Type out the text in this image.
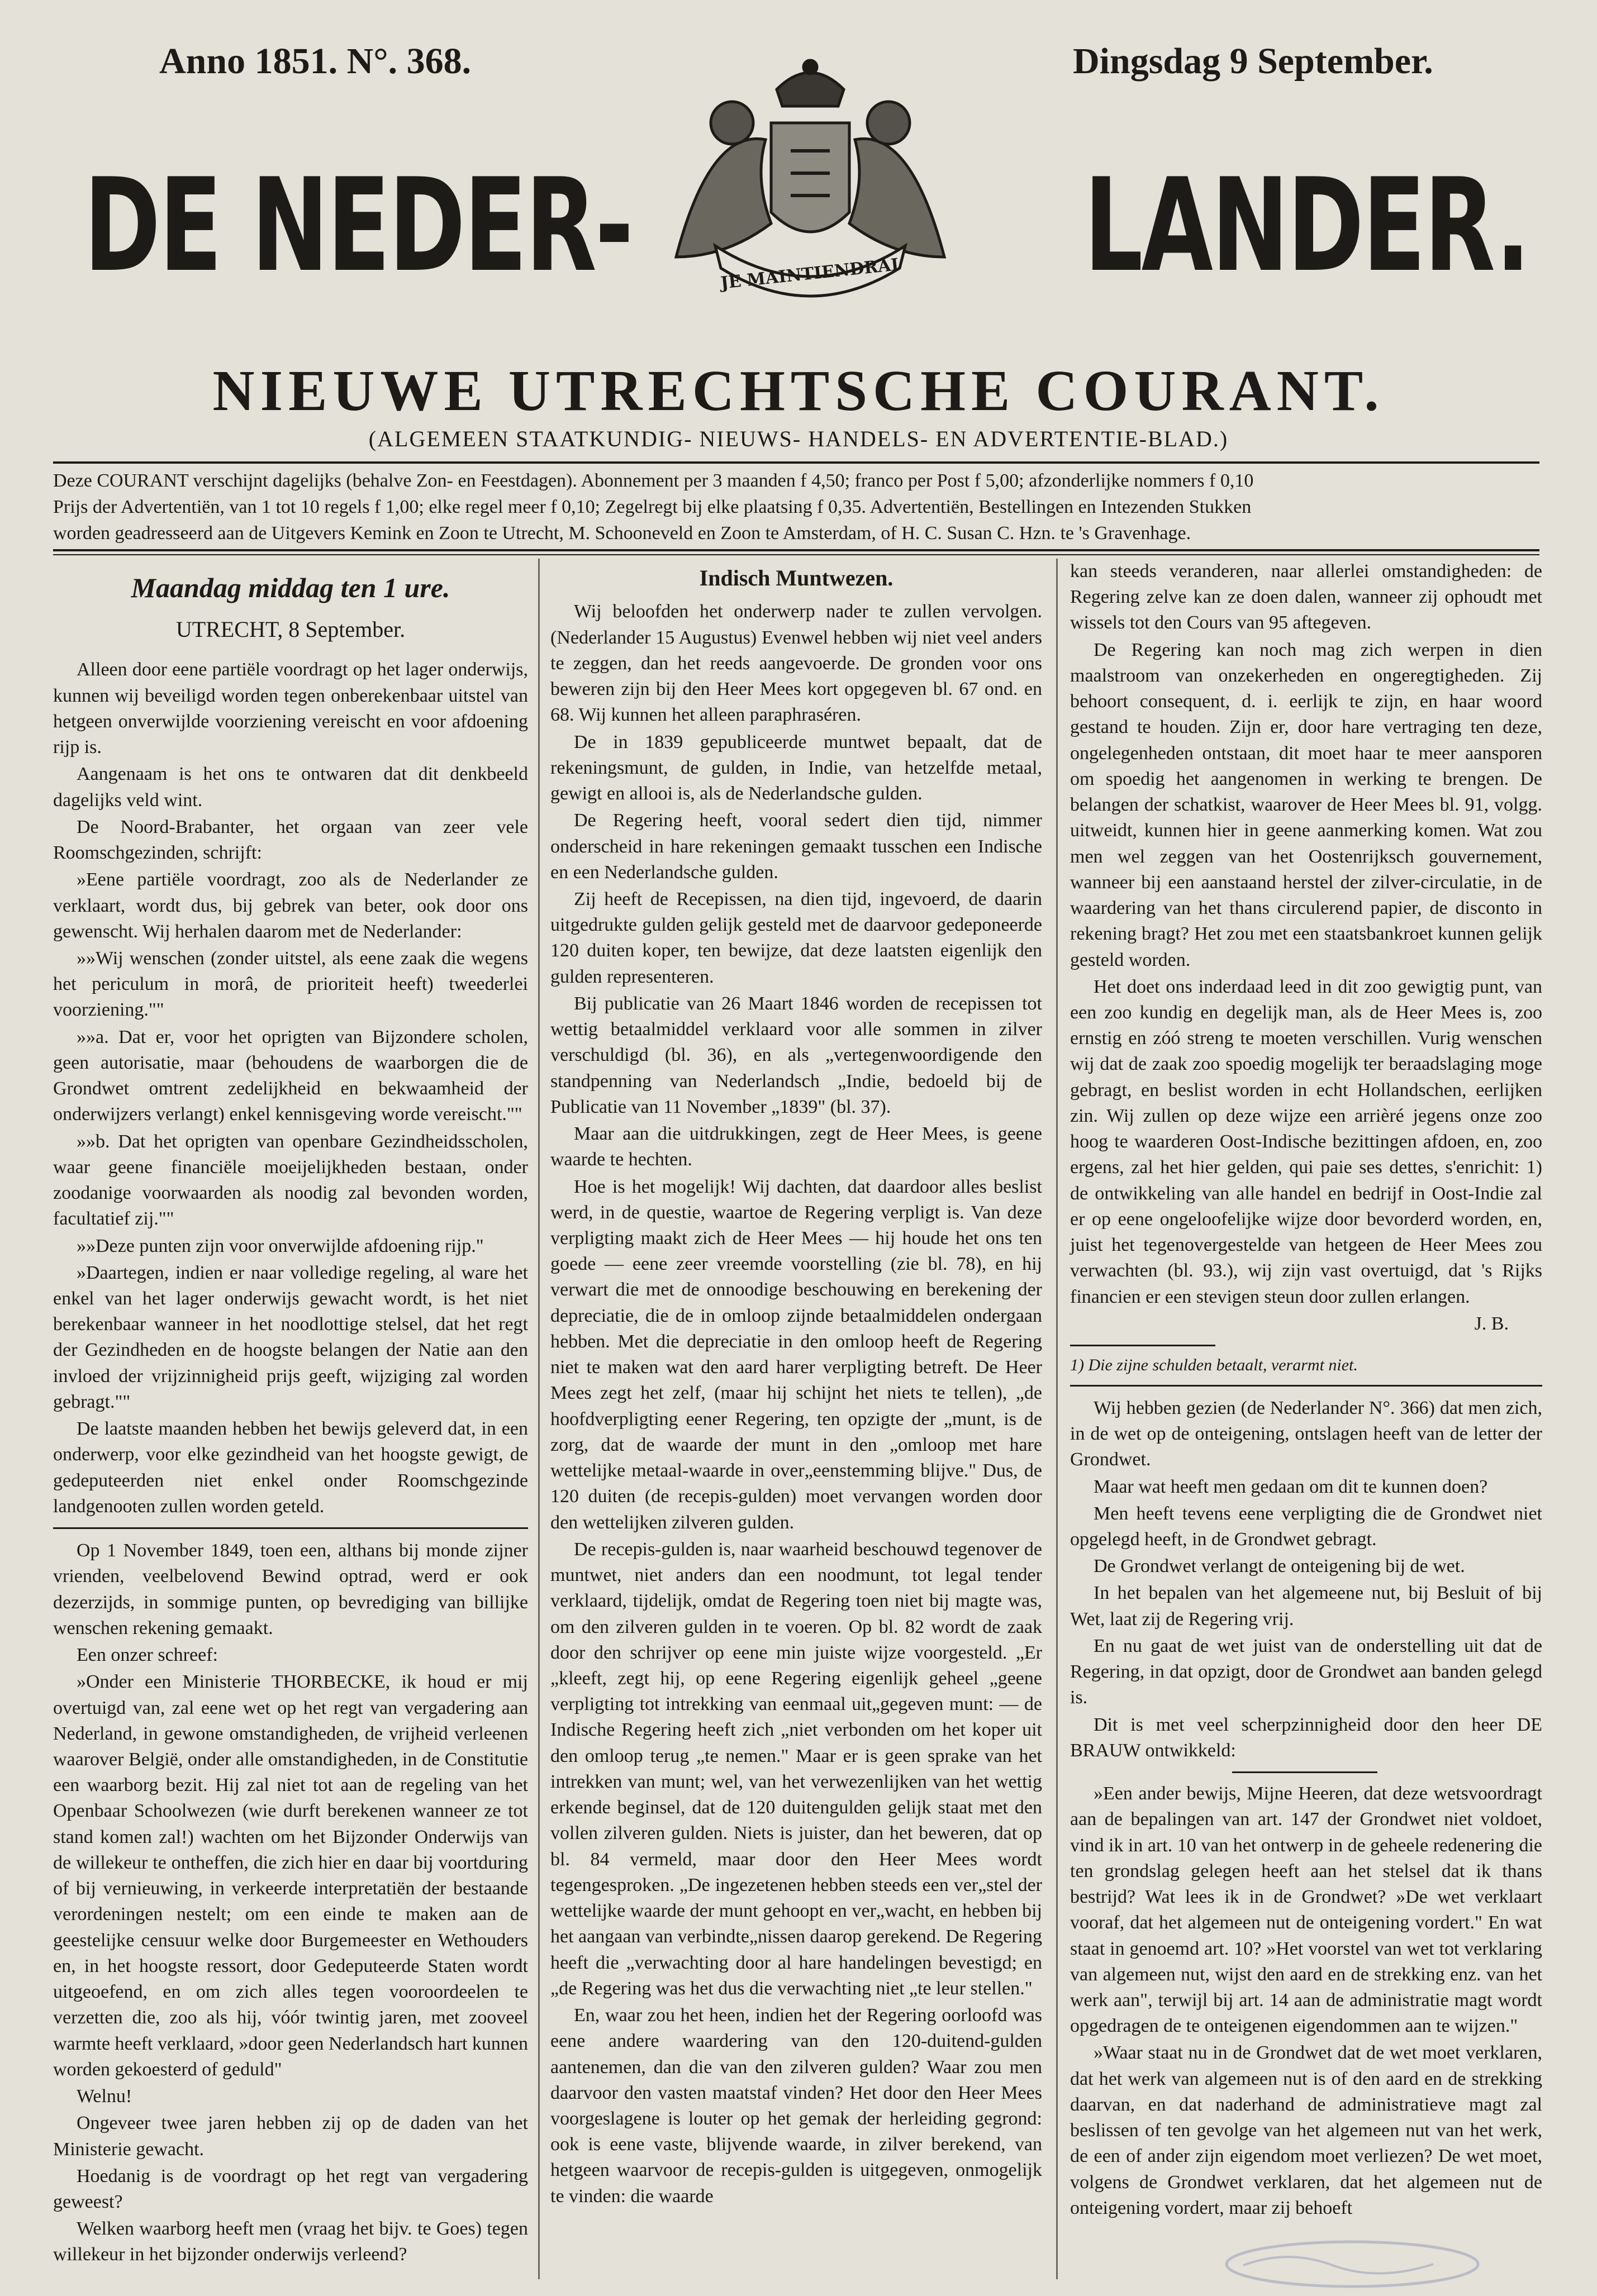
Anno 1851. N°. 368.	Dingsdag 9 September.
DE NEDER-	LANDER.
JE MAINTIENDRAI
NIEUWE UTRECHTSCHE COURANT.
(ALGEMEEN STAATKUNDIG- NIEUWS- HANDELS- EN ADVERTENTIE-BLAD.)

Deze COURANT verschijnt dagelijks (behalve Zon- en Feestdagen). Abonnement per 3 maanden f 4,50; franco per Post f 5,00; afzonderlijke nommers f 0,10

Prijs der Advertentiën, van 1 tot 10 regels f 1,00; elke regel meer f 0,10; Zegelregt bij elke plaatsing f 0,35. Advertentiën, Bestellingen en Intezenden Stukken

worden geadresseerd aan de Uitgevers Kemink en Zoon te Utrecht, M. Schooneveld en Zoon te Amsterdam, of H. C. Susan C. Hzn. te 's Gravenhage.

Maandag middag ten 1 ure.
UTRECHT, 8 September.

Alleen door eene partiële voordragt op het lager onderwijs, kunnen wij beveiligd worden tegen onberekenbaar uitstel van hetgeen onverwijlde voorziening vereischt en voor afdoening rijp is.

Aangenaam is het ons te ontwaren dat dit denkbeeld dagelijks veld wint.

De Noord-Brabanter, het orgaan van zeer vele Roomschgezinden, schrijft:

»Eene partiële voordragt, zoo als de Nederlander ze verklaart, wordt dus, bij gebrek van beter, ook door ons gewenscht. Wij herhalen daarom met de Nederlander:

»»Wij wenschen (zonder uitstel, als eene zaak die wegens het periculum in morâ, de prioriteit heeft) tweederlei voorziening.""

»»a. Dat er, voor het oprigten van Bijzondere scholen, geen autorisatie, maar (behoudens de waarborgen die de Grondwet omtrent zedelijkheid en bekwaamheid der onderwijzers verlangt) enkel kennisgeving worde vereischt.""

»»b. Dat het oprigten van openbare Gezindheidsscholen, waar geene financiële moeijelijkheden bestaan, onder zoodanige voorwaarden als noodig zal bevonden worden, facultatief zij.""

»»Deze punten zijn voor onverwijlde afdoening rijp."

»Daartegen, indien er naar volledige regeling, al ware het enkel van het lager onderwijs gewacht wordt, is het niet berekenbaar wanneer in het noodlottige stelsel, dat het regt der Gezindheden en de hoogste belangen der Natie aan den invloed der vrijzinnigheid prijs geeft, wijziging zal worden gebragt.""

De laatste maanden hebben het bewijs geleverd dat, in een onderwerp, voor elke gezindheid van het hoogste gewigt, de gedeputeerden niet enkel onder Roomschgezinde landgenooten zullen worden geteld.

Op 1 November 1849, toen een, althans bij monde zijner vrienden, veelbelovend Bewind optrad, werd er ook dezerzijds, in sommige punten, op bevrediging van billijke wenschen rekening gemaakt.

Een onzer schreef:

»Onder een Ministerie THORBECKE, ik houd er mij overtuigd van, zal eene wet op het regt van vergadering aan Nederland, in gewone omstandigheden, de vrijheid verleenen waarover België, onder alle omstandigheden, in de Constitutie een waarborg bezit. Hij zal niet tot aan de regeling van het Openbaar Schoolwezen (wie durft berekenen wanneer ze tot stand komen zal!) wachten om het Bijzonder Onderwijs van de willekeur te ontheffen, die zich hier en daar bij voortduring of bij vernieuwing, in verkeerde interpretatiën der bestaande verordeningen nestelt; om een einde te maken aan de geestelijke censuur welke door Burgemeester en Wethouders en, in het hoogste ressort, door Gedeputeerde Staten wordt uitgeoefend, en om zich alles tegen vooroordeelen te verzetten die, zoo als hij, vóór twintig jaren, met zooveel warmte heeft verklaard, »door geen Nederlandsch hart kunnen worden gekoesterd of geduld"

Welnu!

Ongeveer twee jaren hebben zij op de daden van het Ministerie gewacht.

Hoedanig is de voordragt op het regt van vergadering geweest?

Welken waarborg heeft men (vraag het bijv. te Goes) tegen willekeur in het bijzonder onderwijs verleend?

Indisch Muntwezen.

Wij beloofden het onderwerp nader te zullen vervolgen. (Nederlander 15 Augustus) Evenwel hebben wij niet veel anders te zeggen, dan het reeds aangevoerde. De gronden voor ons beweren zijn bij den Heer Mees kort opgegeven bl. 67 ond. en 68. Wij kunnen het alleen paraphraséren.

De in 1839 gepubliceerde muntwet bepaalt, dat de rekeningsmunt, de gulden, in Indie, van hetzelfde metaal, gewigt en allooi is, als de Nederlandsche gulden.

De Regering heeft, vooral sedert dien tijd, nimmer onderscheid in hare rekeningen gemaakt tusschen een Indische en een Nederlandsche gulden.

Zij heeft de Recepissen, na dien tijd, ingevoerd, de daarin uitgedrukte gulden gelijk gesteld met de daarvoor gedeponeerde 120 duiten koper, ten bewijze, dat deze laatsten eigenlijk den gulden representeren.

Bij publicatie van 26 Maart 1846 worden de recepissen tot wettig betaalmiddel verklaard voor alle sommen in zilver verschuldigd (bl. 36), en als „vertegenwoordigende den standpenning van Nederlandsch „Indie, bedoeld bij de Publicatie van 11 November „1839" (bl. 37).

Maar aan die uitdrukkingen, zegt de Heer Mees, is geene waarde te hechten.

Hoe is het mogelijk! Wij dachten, dat daardoor alles beslist werd, in de questie, waartoe de Regering verpligt is. Van deze verpligting maakt zich de Heer Mees — hij houde het ons ten goede — eene zeer vreemde voorstelling (zie bl. 78), en hij verwart die met de onnoodige beschouwing en berekening der depreciatie, die de in omloop zijnde betaalmiddelen ondergaan hebben. Met die depreciatie in den omloop heeft de Regering niet te maken wat den aard harer verpligting betreft. De Heer Mees zegt het zelf, (maar hij schijnt het niets te tellen), „de hoofdverpligting eener Regering, ten opzigte der „munt, is de zorg, dat de waarde der munt in den „omloop met hare wettelijke metaal-waarde in over„eenstemming blijve." Dus, de 120 duiten (de recepis-gulden) moet vervangen worden door den wettelijken zilveren gulden.

De recepis-gulden is, naar waarheid beschouwd tegenover de muntwet, niet anders dan een noodmunt, tot legal tender verklaard, tijdelijk, omdat de Regering toen niet bij magte was, om den zilveren gulden in te voeren. Op bl. 82 wordt de zaak door den schrijver op eene min juiste wijze voorgesteld. „Er „kleeft, zegt hij, op eene Regering eigenlijk geheel „geene verpligting tot intrekking van eenmaal uit„gegeven munt: — de Indische Regering heeft zich „niet verbonden om het koper uit den omloop terug „te nemen." Maar er is geen sprake van het intrekken van munt; wel, van het verwezenlijken van het wettig erkende beginsel, dat de 120 duitengulden gelijk staat met den vollen zilveren gulden. Niets is juister, dan het beweren, dat op bl. 84 vermeld, maar door den Heer Mees wordt tegengesproken. „De ingezetenen hebben steeds een ver„stel der wettelijke waarde der munt gehoopt en ver„wacht, en hebben bij het aangaan van verbindte„nissen daarop gerekend. De Regering heeft die „verwachting door al hare handelingen bevestigd; en „de Regering was het dus die verwachting niet „te leur stellen."

En, waar zou het heen, indien het der Regering oorloofd was eene andere waardering van den 120-duitend-gulden aantenemen, dan die van den zilveren gulden? Waar zou men daarvoor den vasten maatstaf vinden? Het door den Heer Mees voorgeslagene is louter op het gemak der herleiding gegrond: ook is eene vaste, blijvende waarde, in zilver berekend, van hetgeen waarvoor de recepis-gulden is uitgegeven, onmogelijk te vinden: die waarde

kan steeds veranderen, naar allerlei omstandigheden: de Regering zelve kan ze doen dalen, wanneer zij ophoudt met wissels tot den Cours van 95 aftegeven.

De Regering kan noch mag zich werpen in dien maalstroom van onzekerheden en ongeregtigheden. Zij behoort consequent, d. i. eerlijk te zijn, en haar woord gestand te houden. Zijn er, door hare vertraging ten deze, ongelegenheden ontstaan, dit moet haar te meer aansporen om spoedig het aangenomen in werking te brengen. De belangen der schatkist, waarover de Heer Mees bl. 91, volgg. uitweidt, kunnen hier in geene aanmerking komen. Wat zou men wel zeggen van het Oostenrijksch gouvernement, wanneer bij een aanstaand herstel der zilver-circulatie, in de waardering van het thans circulerend papier, de disconto in rekening bragt? Het zou met een staatsbankroet kunnen gelijk gesteld worden.

Het doet ons inderdaad leed in dit zoo gewigtig punt, van een zoo kundig en degelijk man, als de Heer Mees is, zoo ernstig en zóó streng te moeten verschillen. Vurig wenschen wij dat de zaak zoo spoedig mogelijk ter beraadslaging moge gebragt, en beslist worden in echt Hollandschen, eerlijken zin. Wij zullen op deze wijze een arrièré jegens onze zoo hoog te waarderen Oost-Indische bezittingen afdoen, en, zoo ergens, zal het hier gelden, qui paie ses dettes, s'enrichit: 1) de ontwikkeling van alle handel en bedrijf in Oost-Indie zal er op eene ongeloofelijke wijze door bevorderd worden, en, juist het tegenovergestelde van hetgeen de Heer Mees zou verwachten (bl. 93.), wij zijn vast overtuigd, dat 's Rijks financien er een stevigen steun door zullen erlangen.

J. B.
1) Die zijne schulden betaalt, verarmt niet.

Wij hebben gezien (de Nederlander N°. 366) dat men zich, in de wet op de onteigening, ontslagen heeft van de letter der Grondwet.

Maar wat heeft men gedaan om dit te kunnen doen?

Men heeft tevens eene verpligting die de Grondwet niet opgelegd heeft, in de Grondwet gebragt.

De Grondwet verlangt de onteigening bij de wet.

In het bepalen van het algemeene nut, bij Besluit of bij Wet, laat zij de Regering vrij.

En nu gaat de wet juist van de onderstelling uit dat de Regering, in dat opzigt, door de Grondwet aan banden gelegd is.

Dit is met veel scherpzinnigheid door den heer DE BRAUW ontwikkeld:

»Een ander bewijs, Mijne Heeren, dat deze wetsvoordragt aan de bepalingen van art. 147 der Grondwet niet voldoet, vind ik in art. 10 van het ontwerp in de geheele redenering die ten grondslag gelegen heeft aan het stelsel dat ik thans bestrijd? Wat lees ik in de Grondwet? »De wet verklaart vooraf, dat het algemeen nut de onteigening vordert." En wat staat in genoemd art. 10? »Het voorstel van wet tot verklaring van algemeen nut, wijst den aard en de strekking enz. van het werk aan", terwijl bij art. 14 aan de administratie magt wordt opgedragen de te onteigenen eigendommen aan te wijzen."

»Waar staat nu in de Grondwet dat de wet moet verklaren, dat het werk van algemeen nut is of den aard en de strekking daarvan, en dat naderhand de administratieve magt zal beslissen of ten gevolge van het algemeen nut van het werk, de een of ander zijn eigendom moet verliezen? De wet moet, volgens de Grondwet verklaren, dat het algemeen nut de onteigening vordert, maar zij behoeft
